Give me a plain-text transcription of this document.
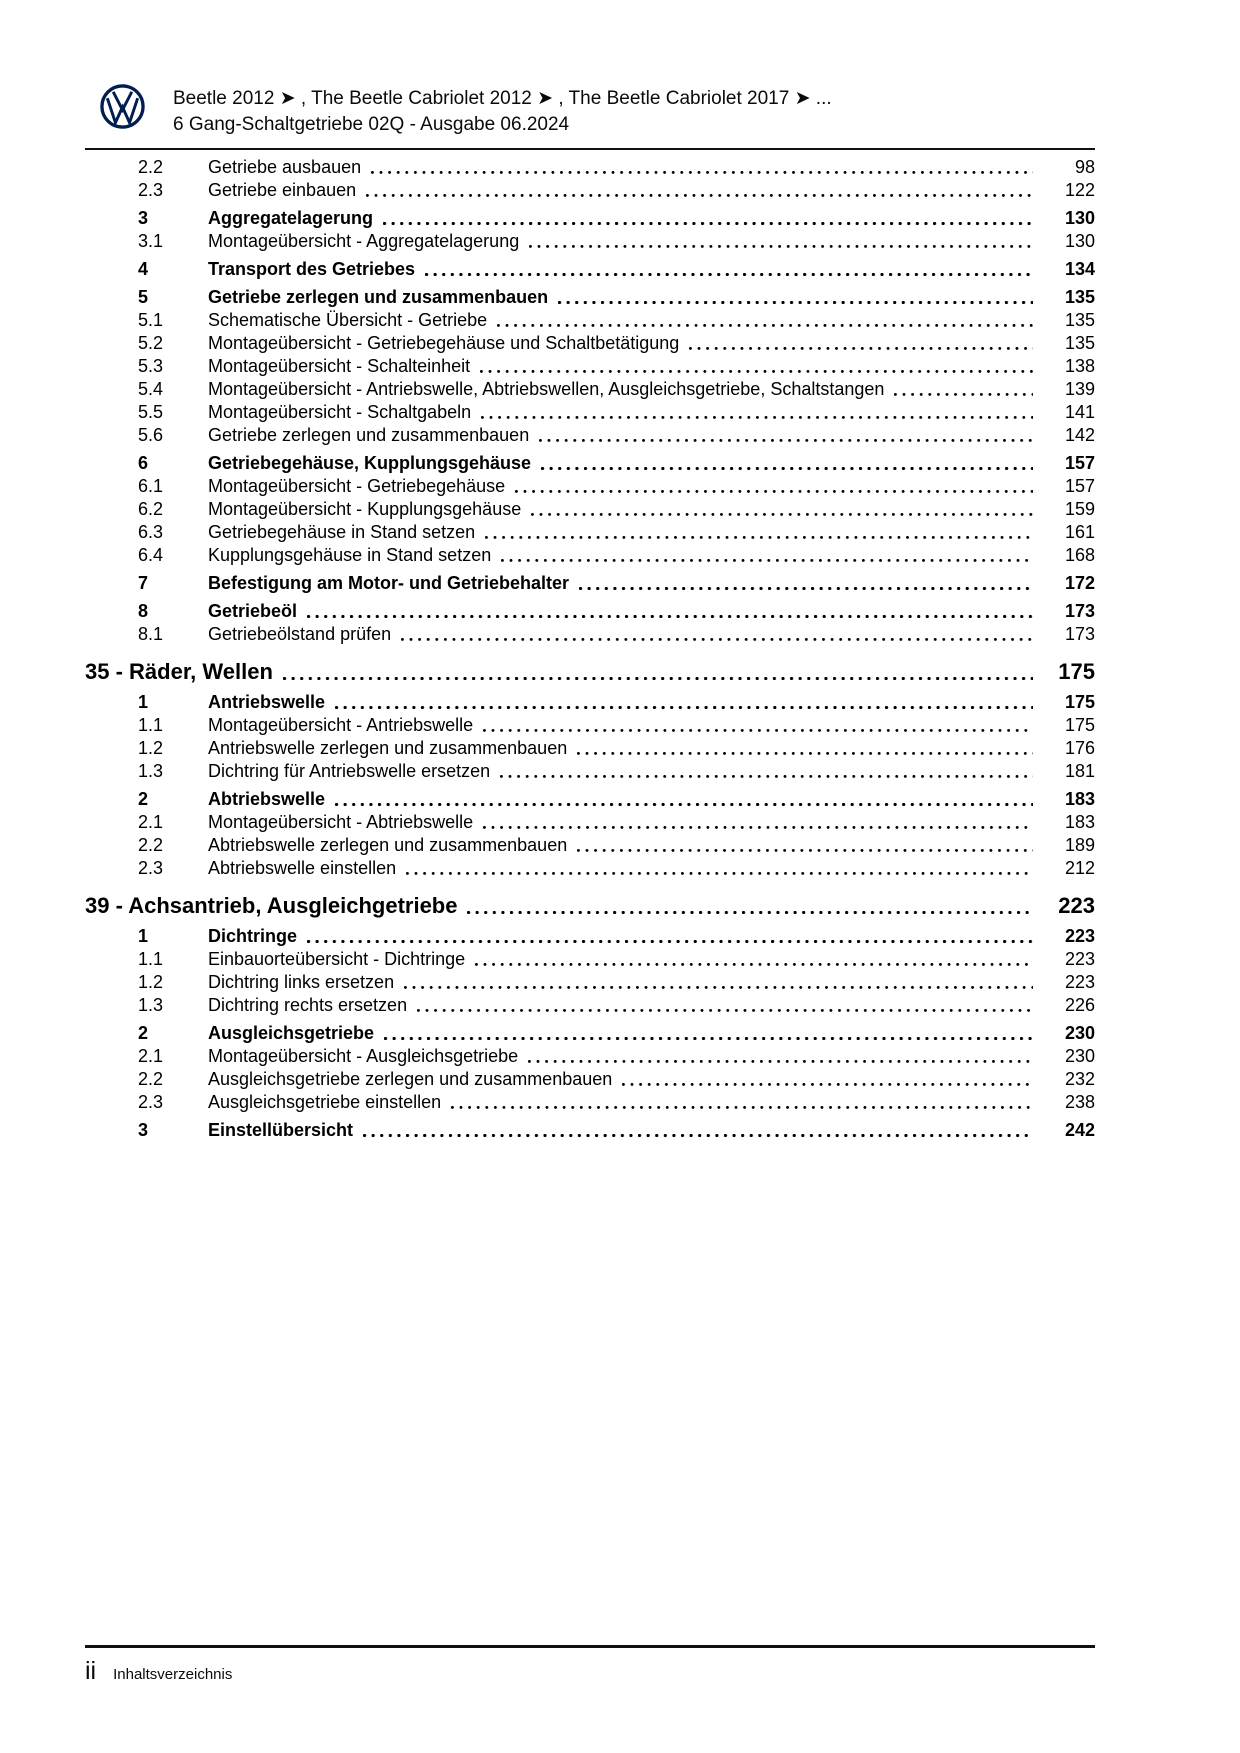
Beetle 2012 ➤ , The Beetle Cabriolet 2012 ➤ , The Beetle Cabriolet 2017 ➤ ...
6 Gang-Schaltgetriebe 02Q - Ausgabe 06.2024
2.2	Getriebe ausbauen	98
2.3	Getriebe einbauen	122
3	Aggregatelagerung	130
3.1	Montageübersicht - Aggregatelagerung	130
4	Transport des Getriebes	134
5	Getriebe zerlegen und zusammenbauen	135
5.1	Schematische Übersicht - Getriebe	135
5.2	Montageübersicht - Getriebegehäuse und Schaltbetätigung	135
5.3	Montageübersicht - Schalteinheit	138
5.4	Montageübersicht - Antriebswelle, Abtriebswellen, Ausgleichsgetriebe, Schaltstangen	139
5.5	Montageübersicht - Schaltgabeln	141
5.6	Getriebe zerlegen und zusammenbauen	142
6	Getriebegehäuse, Kupplungsgehäuse	157
6.1	Montageübersicht - Getriebegehäuse	157
6.2	Montageübersicht - Kupplungsgehäuse	159
6.3	Getriebegehäuse in Stand setzen	161
6.4	Kupplungsgehäuse in Stand setzen	168
7	Befestigung am Motor- und Getriebehalter	172
8	Getriebeöl	173
8.1	Getriebeölstand prüfen	173
35 - Räder, Wellen	175
1	Antriebswelle	175
1.1	Montageübersicht - Antriebswelle	175
1.2	Antriebswelle zerlegen und zusammenbauen	176
1.3	Dichtring für Antriebswelle ersetzen	181
2	Abtriebswelle	183
2.1	Montageübersicht - Abtriebswelle	183
2.2	Abtriebswelle zerlegen und zusammenbauen	189
2.3	Abtriebswelle einstellen	212
39 - Achsantrieb, Ausgleichgetriebe	223
1	Dichtringe	223
1.1	Einbauorteübersicht - Dichtringe	223
1.2	Dichtring links ersetzen	223
1.3	Dichtring rechts ersetzen	226
2	Ausgleichsgetriebe	230
2.1	Montageübersicht - Ausgleichsgetriebe	230
2.2	Ausgleichsgetriebe zerlegen und zusammenbauen	232
2.3	Ausgleichsgetriebe einstellen	238
3	Einstellübersicht	242
ii Inhaltsverzeichnis
